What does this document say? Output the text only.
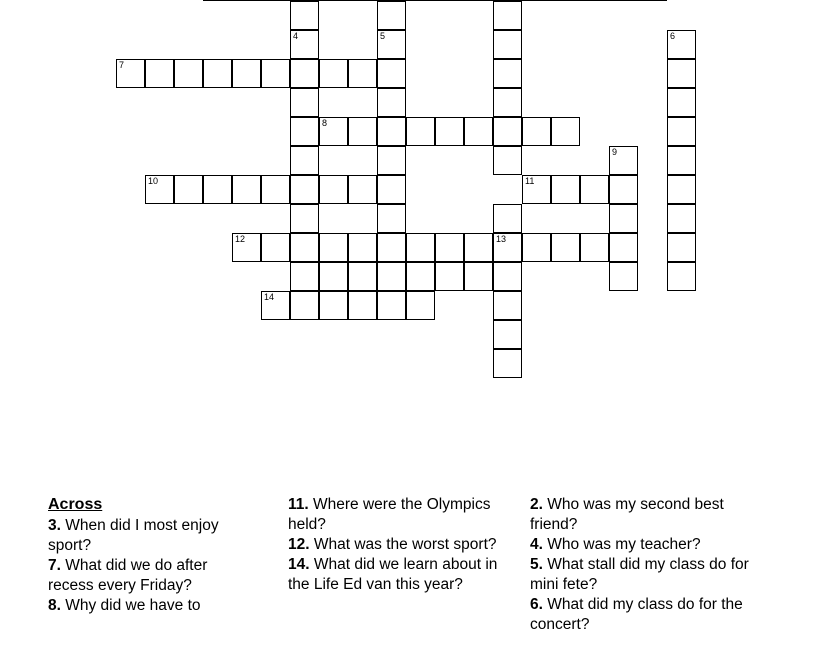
4	5	6
7
8
9
10	11
12	13
14
Across

3. When did I most enjoy sport?

7. What did we do after recess every Friday?

8. Why did we have to

11. Where were the Olympics held?

12. What was the worst sport?

14. What did we learn about in the Life Ed van this year?

2. Who was my second best friend?

4. Who was my teacher?

5. What stall did my class do for mini fete?

6. What did my class do for the concert?
